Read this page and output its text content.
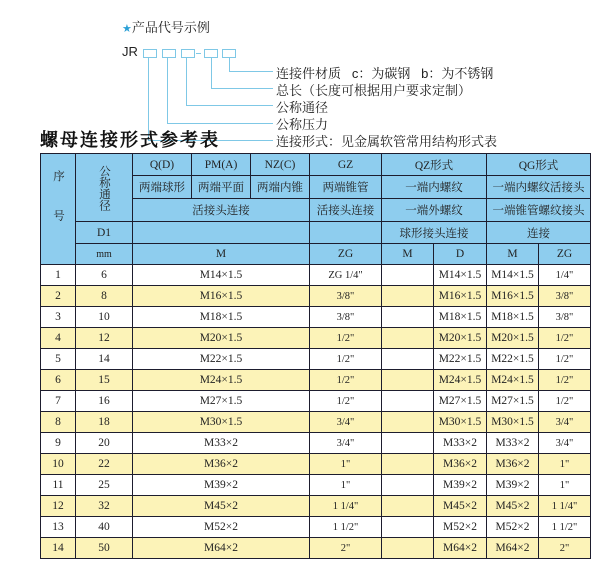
★产品代号示例
JR
连接件材质   c：为碳钢   b：为不锈钢
总长（长度可根据用户要求定制）
公称通径
公称压力
连接形式：见金属软管常用结构形式表
螺母连接形式参考表
序号	公称通径	Q(D)	PM(A)	NZ(C)	GZ	QZ形式		QG形式	
		两端球形	两端平面	两端内锥	两端锥管	一端内螺纹		一端内螺纹活接头	
		活接头连接			活接头连接	一端外螺纹		一端锥管螺纹接头	
	D1					球形接头连接		连接	
	mm	M			ZG	M	D	M	ZG
1	6	M14×1.5			ZG 1/4"		M14×1.5	M14×1.5	1/4"
2	8	M16×1.5			3/8"		M16×1.5	M16×1.5	3/8"
3	10	M18×1.5			3/8"		M18×1.5	M18×1.5	3/8"
4	12	M20×1.5			1/2"		M20×1.5	M20×1.5	1/2"
5	14	M22×1.5			1/2"		M22×1.5	M22×1.5	1/2"
6	15	M24×1.5			1/2"		M24×1.5	M24×1.5	1/2"
7	16	M27×1.5			1/2"		M27×1.5	M27×1.5	1/2"
8	18	M30×1.5			3/4"		M30×1.5	M30×1.5	3/4"
9	20	M33×2			3/4"		M33×2	M33×2	3/4"
10	22	M36×2			1"		M36×2	M36×2	1"
11	25	M39×2			1"		M39×2	M39×2	1"
12	32	M45×2			1 1/4"		M45×2	M45×2	1 1/4"
13	40	M52×2			1 1/2"		M52×2	M52×2	1 1/2"
14	50	M64×2			2"		M64×2	M64×2	2"
